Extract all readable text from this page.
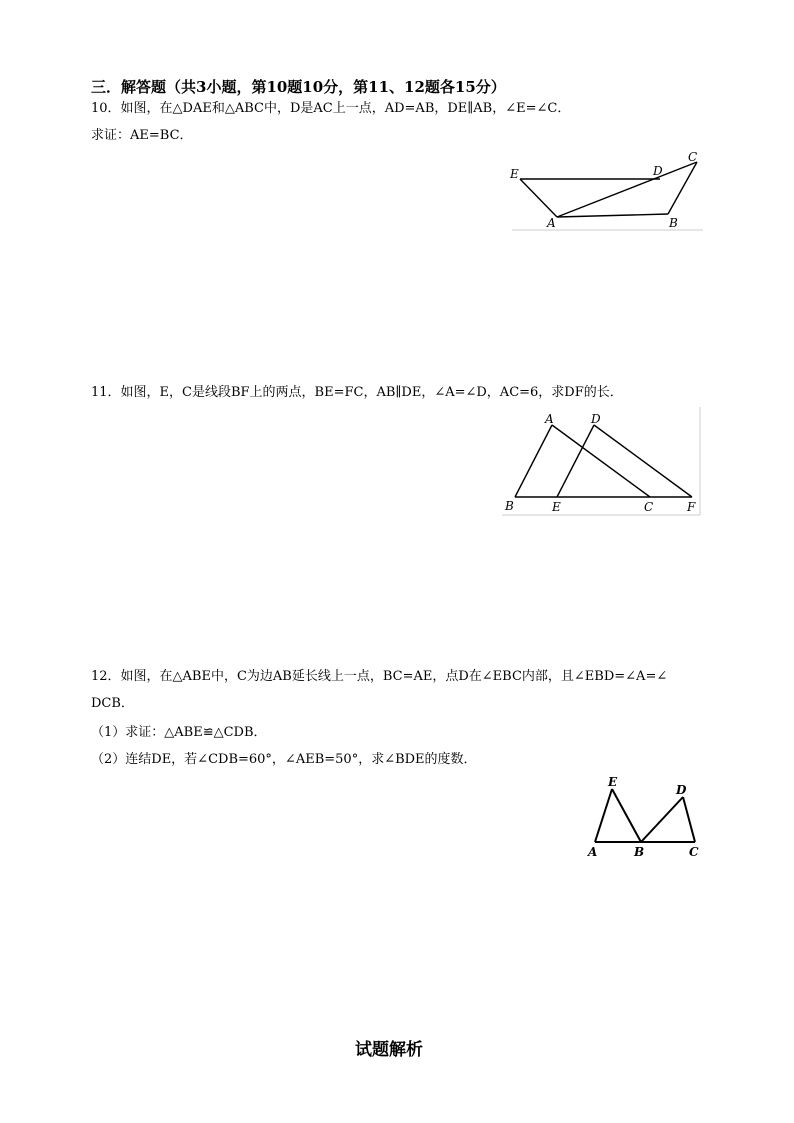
三．解答题（共3小题，第10题10分，第11、12题各15分）
10．如图，在△DAE和△ABC中，D是AC上一点，AD=AB，DE∥AB，∠E=∠C．
求证：AE=BC．
E	D
C
A	B
11．如图，E，C是线段BF上的两点，BE=FC，AB∥DE，∠A=∠D，AC=6，求DF的长．
A	D
B	E	C	F
12．如图，在△ABE中，C为边AB延长线上一点，BC=AE，点D在∠EBC内部，且∠EBD=∠A=∠
DCB．
（1）求证：△ABE≌△CDB．
（2）连结DE，若∠CDB=60°，∠AEB=50°，求∠BDE的度数．
E
D
A	B	C
试题解析
